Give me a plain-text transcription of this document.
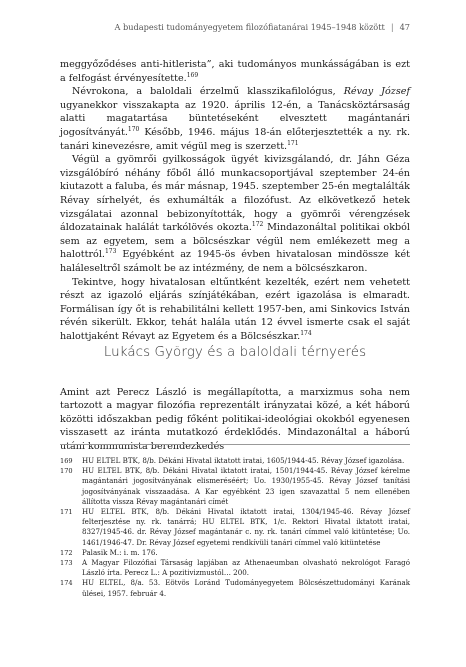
A budapesti tudományegyetem filozófiatanárai 1945–1948 között | 47

meggyőződéses anti-hitlerista”, aki tudományos munkásságában is ezt a felfogást érvényesítette.$^{169}$

Névrokona, a baloldali érzelmű klasszikafilológus, Révay József ugyanekkor visszakapta az 1920. április 12-én, a Tanácsköztársaság alatti magatartása büntetéseként elvesztett magántanári jogosítványát.$^{170}$ Később, 1946. május 18-án előterjesztették a ny. rk. tanári kinevezésre, amit végül meg is szerzett.$^{171}$

Végül a gyömrői gyilkosságok ügyét kivizsgálandó, dr. Jáhn Géza vizsgálóbíró néhány főből álló munkacsoportjával szeptember 24-én kiutazott a faluba, és már másnap, 1945. szeptember 25-én megtalálták Révay sírhelyét, és exhumálták a filozófust. Az elkövetkező hetek vizsgálatai azonnal bebizonyították, hogy a gyömrői vérengzések áldozatainak halálát tarkólövés okozta.$^{172}$ Mindazonáltal politikai okból sem az egyetem, sem a bölcsészkar végül nem emlékezett meg a halottról.$^{173}$ Egyébként az 1945-ös évben hivatalosan mindössze két haláleseltről számolt be az intézmény, de nem a bölcsészkaron.

Tekintve, hogy hivatalosan eltűntként kezelték, ezért nem vehetett részt az igazoló eljárás színjátékában, ezért igazolása is elmaradt. Formálisan így őt is rehabilitálni kellett 1957-ben, ami Sinkovics István révén sikerült. Ekkor, tehát halála után 12 évvel ismerte csak el saját halottjaként Révayt az Egyetem és a Bölcsészkar.$^{174}$

Lukács György és a baloldali térnyerés

Amint azt Perecz László is megállapította, a marxizmus soha nem tartozott a magyar filozófia reprezentált irányzatai közé, a két háború közötti időszakban pedig főként politikai-ideológiai okokból egyenesen visszasett az iránta mutatkozó érdeklődés. Mindazonáltal a háború utáni kommunista berendezkedés

169	HU ELTEL BTK, 8/b. Dékáni Hivatal iktatott iratai, 1605/1944-45. Révay József igazolása.
170	HU ELTEL BTK, 8/b. Dékáni Hivatal iktatott iratai, 1501/1944-45. Révay József kérelme magántanári jogosítványának elismeréséért; Uo. 1930/1955-45. Révay József tanítási jogosítványának visszaadása. A Kar egyébként 23 igen szavazattal 5 nem ellenében állította vissza Révay magántanári címét
171	HU ELTEL BTK, 8/b. Dékáni Hivatal iktatott iratai, 1304/1945-46. Révay József felterjesztése ny. rk. tanárrá; HU ELTEL BTK, 1/c. Rektori Hivatal iktatott iratai, 8327/1945-46. dr. Révay József magántanár c. ny. rk. tanári címmel való kitüntetése; Uo. 1461/1946-47. Dr. Révay József egyetemi rendkívüli tanári címmel való kitüntetése
172	Palasik M.: i. m. 176.
173	A Magyar Filozófiai Társaság lapjában az Athenaeumban olvasható nekrológot Faragó László írta. Perecz L.: A pozitivizmustól… 200.
174	HU ELTEL, 8/a. 53. Eötvös Loránd Tudományegyetem Bölcsészettudományi Karának ülései, 1957. február 4.
